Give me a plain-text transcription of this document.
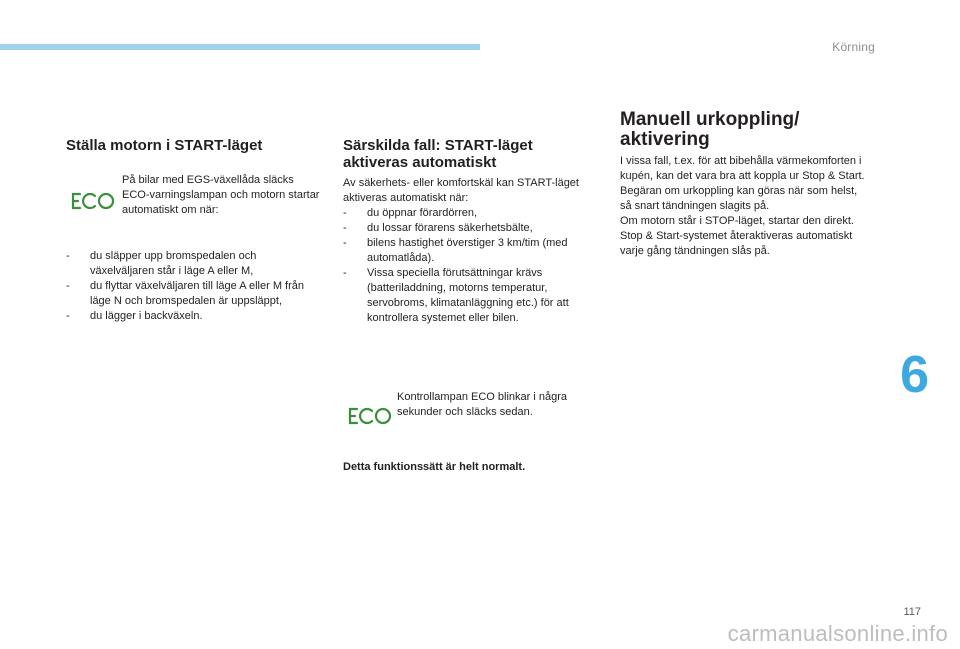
Körning
6
117
carmanualsonline.info
Ställa motorn i START-läget

På bilar med EGS-växellåda släcks ECO-varningslampan och motorn startar automatiskt om när:

- du släpper upp bromspedalen och växelväljaren står i läge A eller M,
- du flyttar växelväljaren till läge A eller M från läge N och bromspedalen är uppsläppt,
- du lägger i backväxeln.
Särskilda fall: START-läget aktiveras automatiskt

Av säkerhets- eller komfortskäl kan START-läget aktiveras automatiskt när:

- du öppnar förardörren,
- du lossar förarens säkerhetsbälte,
- bilens hastighet överstiger 3 km/tim (med automatlåda).
- Vissa speciella förutsättningar krävs (batteriladdning, motorns temperatur, servobroms, klimatanläggning etc.) för att kontrollera systemet eller bilen.

Kontrollampan ECO blinkar i några sekunder och släcks sedan.

Detta funktionssätt är helt normalt.

Manuell urkoppling/ aktivering

I vissa fall, t.ex. för att bibehålla värmekomforten i kupén, kan det vara bra att koppla ur Stop & Start.

Begäran om urkoppling kan göras när som helst, så snart tändningen slagits på.

Om motorn står i STOP-läget, startar den direkt.

Stop & Start-systemet återaktiveras automatiskt varje gång tändningen slås på.
